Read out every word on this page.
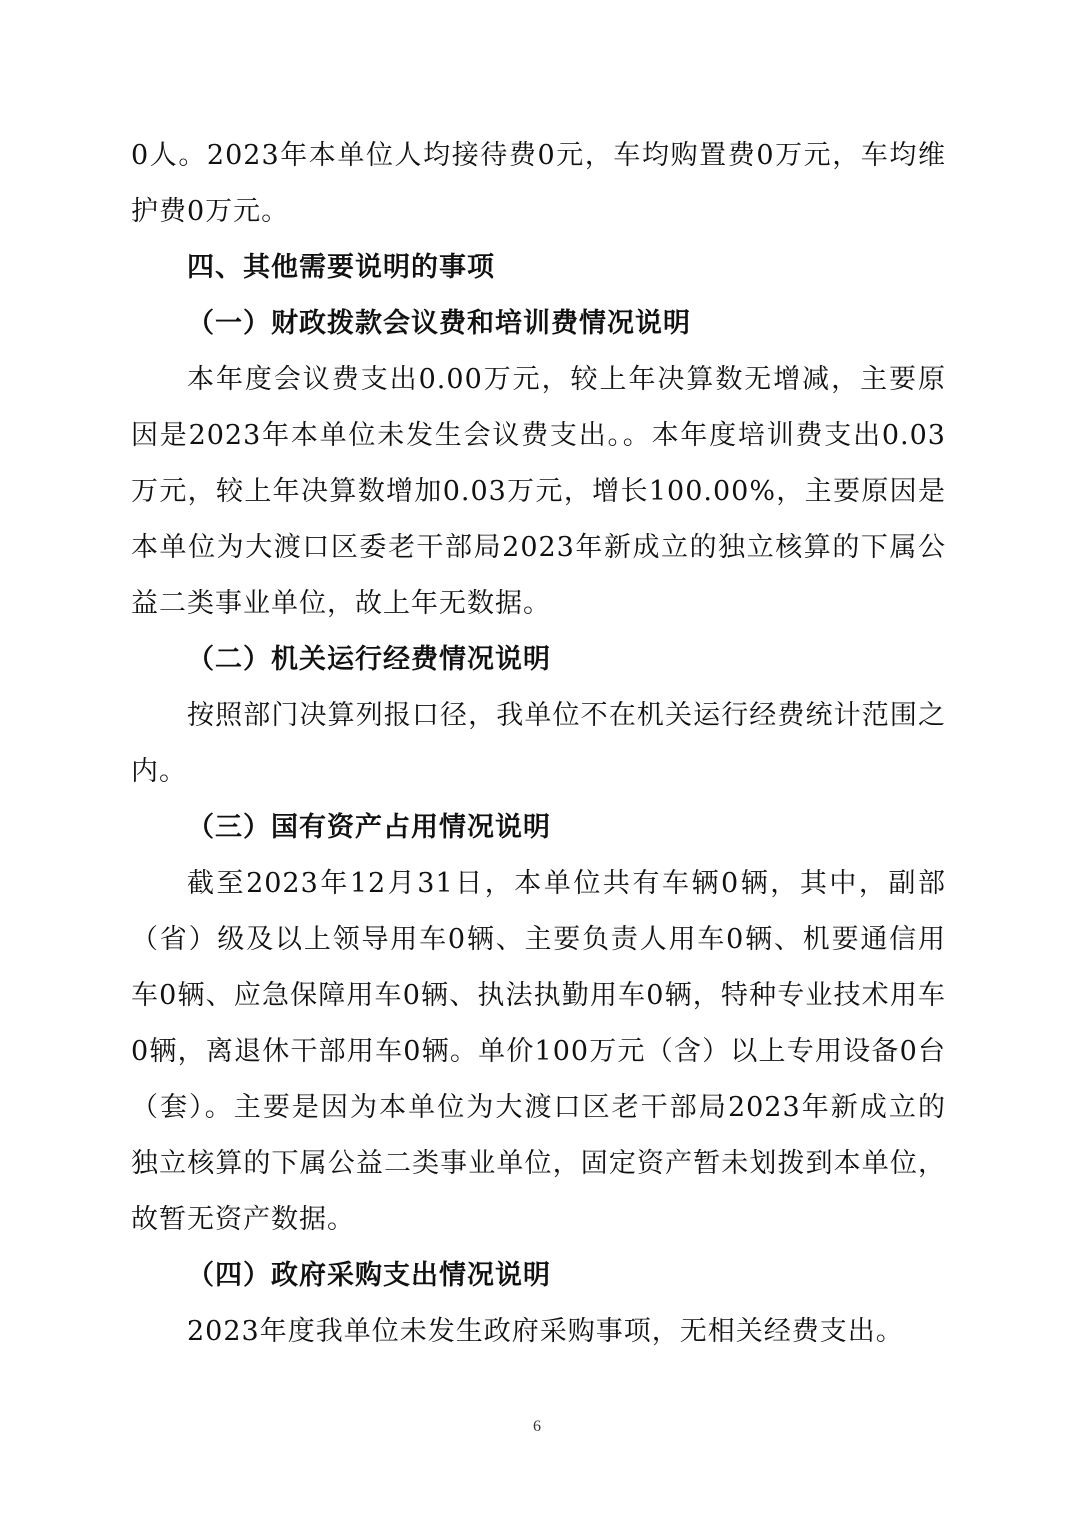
0人。2023年本单位人均接待费0元，车均购置费0万元，车均维护费0万元。

四、其他需要说明的事项

（一）财政拨款会议费和培训费情况说明

本年度会议费支出0.00万元，较上年决算数无增减，主要原因是2023年本单位未发生会议费支出。。本年度培训费支出0.03万元，较上年决算数增加0.03万元，增长100.00%，主要原因是本单位为大渡口区委老干部局2023年新成立的独立核算的下属公益二类事业单位，故上年无数据。

（二）机关运行经费情况说明

按照部门决算列报口径，我单位不在机关运行经费统计范围之内。

（三）国有资产占用情况说明

截至2023年12月31日，本单位共有车辆0辆，其中，副部（省）级及以上领导用车0辆、主要负责人用车0辆、机要通信用车0辆、应急保障用车0辆、执法执勤用车0辆，特种专业技术用车0辆，离退休干部用车0辆。单价100万元（含）以上专用设备0台（套）。主要是因为本单位为大渡口区老干部局2023年新成立的独立核算的下属公益二类事业单位，固定资产暂未划拨到本单位，故暂无资产数据。

（四）政府采购支出情况说明

2023年度我单位未发生政府采购事项，无相关经费支出。

6
